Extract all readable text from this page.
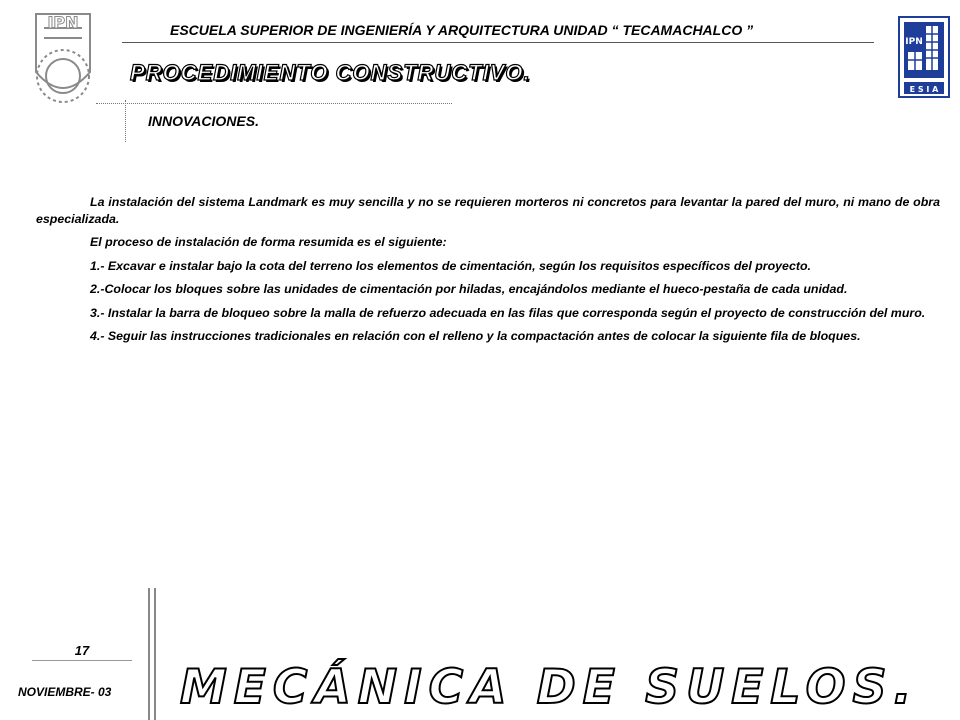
IPN
IPN
E S I A
ESCUELA SUPERIOR DE INGENIERÍA Y ARQUITECTURA UNIDAD “ TECAMACHALCO ”
PROCEDIMIENTO CONSTRUCTIVO.
INNOVACIONES.

La instalación del sistema Landmark es muy sencilla y no se requieren morteros ni concretos para levantar la pared del muro, ni mano de obra especializada.

El proceso de instalación de forma resumida es el siguiente:

1.- Excavar e instalar bajo la cota del terreno los elementos de cimentación, según los requisitos específicos del proyecto.

2.-Colocar los bloques sobre las unidades de cimentación por hiladas, encajándolos mediante el hueco-pestaña de cada unidad.

3.- Instalar la barra de bloqueo sobre la malla de refuerzo adecuada en las filas que corresponda según el proyecto de construcción del muro.

4.- Seguir las instrucciones tradicionales en relación con el relleno y la compactación antes de colocar la siguiente fila de bloques.

17
NOVIEMBRE- 03 MECÁNICA DE SUELOS.
